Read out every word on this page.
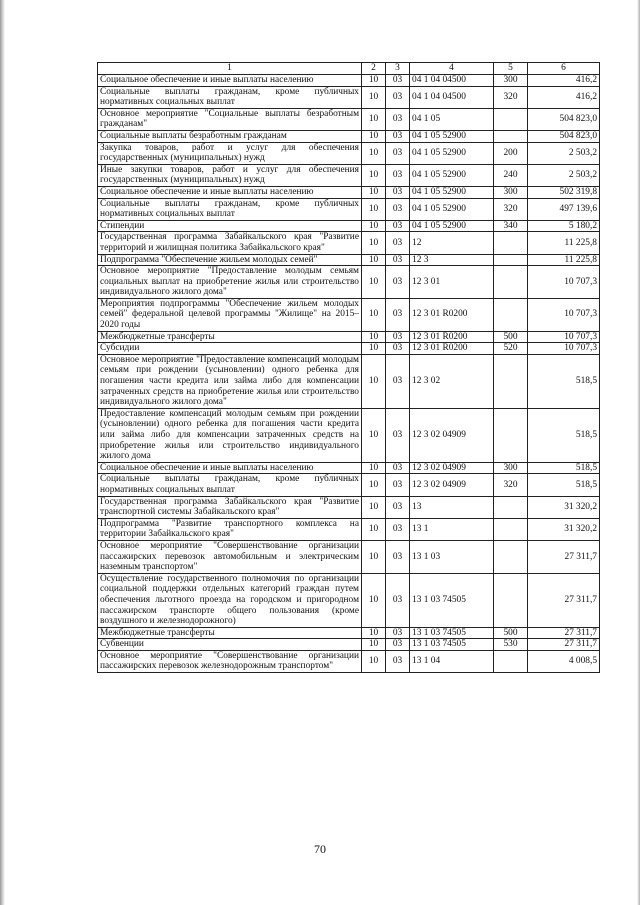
1	2	3	4	5	6
Социальное обеспечение и иные выплаты населению	10	03	04 1 04 04500	300	416,2
Социальные выплаты гражданам, кроме публичных нормативных социальных выплат	10	03	04 1 04 04500	320	416,2
Основное мероприятие "Социальные выплаты безработным гражданам"	10	03	04 1 05		504 823,0
Социальные выплаты безработным гражданам	10	03	04 1 05 52900		504 823,0
Закупка товаров, работ и услуг для обеспечения государственных (муниципальных) нужд	10	03	04 1 05 52900	200	2 503,2
Иные закупки товаров, работ и услуг для обеспечения государственных (муниципальных) нужд	10	03	04 1 05 52900	240	2 503,2
Социальное обеспечение и иные выплаты населению	10	03	04 1 05 52900	300	502 319,8
Социальные выплаты гражданам, кроме публичных нормативных социальных выплат	10	03	04 1 05 52900	320	497 139,6
Стипендии	10	03	04 1 05 52900	340	5 180,2
Государственная программа Забайкальского края "Развитие территорий и жилищная политика Забайкальского края"	10	03	12		11 225,8
Подпрограмма "Обеспечение жильем молодых семей"	10	03	12 3		11 225,8
Основное мероприятие "Предоставление молодым семьям социальных выплат на приобретение жилья или строительство индивидуального жилого дома"	10	03	12 3 01		10 707,3
Мероприятия подпрограммы "Обеспечение жильем молодых семей" федеральной целевой программы "Жилище" на 2015–2020 годы	10	03	12 3 01 R0200		10 707,3
Межбюджетные трансферты	10	03	12 3 01 R0200	500	10 707,3
Субсидии	10	03	12 3 01 R0200	520	10 707,3
Основное мероприятие "Предоставление компенсаций молодым семьям при рождении (усыновлении) одного ребенка для погашения части кредита или займа либо для компенсации затраченных средств на приобретение жилья или строительство индивидуального жилого дома"	10	03	12 3 02		518,5
Предоставление компенсаций молодым семьям при рождении (усыновлении) одного ребенка для погашения части кредита или займа либо для компенсации затраченных средств на приобретение жилья или строительство индивидуального жилого дома	10	03	12 3 02 04909		518,5
Социальное обеспечение и иные выплаты населению	10	03	12 3 02 04909	300	518,5
Социальные выплаты гражданам, кроме публичных нормативных социальных выплат	10	03	12 3 02 04909	320	518,5
Государственная программа Забайкальского края "Развитие транспортной системы Забайкальского края"	10	03	13		31 320,2
Подпрограмма "Развитие транспортного комплекса на территории Забайкальского края"	10	03	13 1		31 320,2
Основное мероприятие "Совершенствование организации пассажирских перевозок автомобильным и электрическим наземным транспортом"	10	03	13 1 03		27 311,7
Осуществление государственного полномочия по организации социальной поддержки отдельных категорий граждан путем обеспечения льготного проезда на городском и пригородном пассажирском транспорте общего пользования (кроме воздушного и железнодорожного)	10	03	13 1 03 74505		27 311,7
Межбюджетные трансферты	10	03	13 1 03 74505	500	27 311,7
Субвенции	10	03	13 1 03 74505	530	27 311,7
Основное мероприятие "Совершенствование организации пассажирских перевозок железнодорожным транспортом"	10	03	13 1 04		4 008,5
70
